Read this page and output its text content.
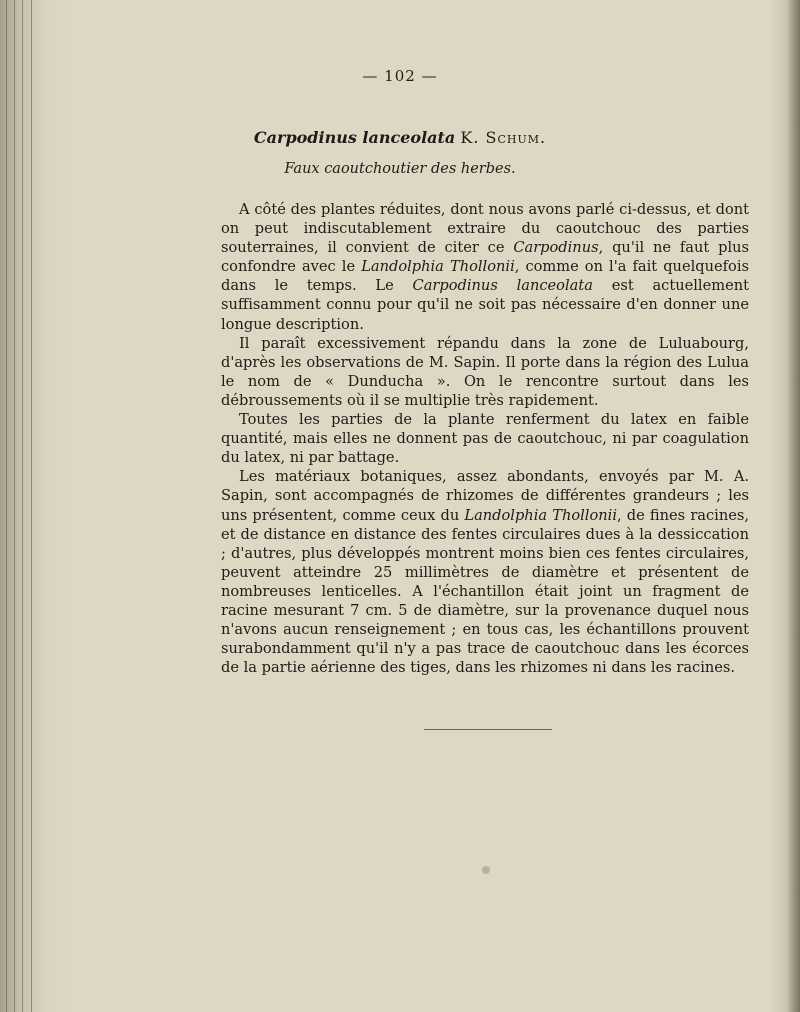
— 102 —
Carpodinus lanceolata K. Schum.
Faux caoutchoutier des herbes.

A côté des plantes réduites, dont nous avons parlé ci-dessus, et dont on peut indiscutablement extraire du caoutchouc des parties souterraines, il convient de citer ce Carpodinus, qu'il ne faut plus confondre avec le Landolphia Thollonii, comme on l'a fait quelquefois dans le temps. Le Carpodinus lanceolata est actuellement suffisamment connu pour qu'il ne soit pas nécessaire d'en donner une longue description.

Il paraît excessivement répandu dans la zone de Luluabourg, d'après les observations de M. Sapin. Il porte dans la région des Lulua le nom de « Dunducha ». On le rencontre surtout dans les débroussements où il se multiplie très rapidement.

Toutes les parties de la plante renferment du latex en faible quantité, mais elles ne donnent pas de caoutchouc, ni par coagulation du latex, ni par battage.

Les matériaux botaniques, assez abondants, envoyés par M. A. Sapin, sont accompagnés de rhizomes de différentes grandeurs ; les uns présentent, comme ceux du Landolphia Thollonii, de fines racines, et de distance en distance des fentes circulaires dues à la dessiccation ; d'autres, plus développés montrent moins bien ces fentes circulaires, peuvent atteindre 25 millimètres de diamètre et présentent de nombreuses lenticelles. A l'échantillon était joint un fragment de racine mesurant 7 cm. 5 de diamètre, sur la provenance duquel nous n'avons aucun renseignement ; en tous cas, les échantillons prouvent surabondamment qu'il n'y a pas trace de caoutchouc dans les écorces de la partie aérienne des tiges, dans les rhizomes ni dans les racines.
